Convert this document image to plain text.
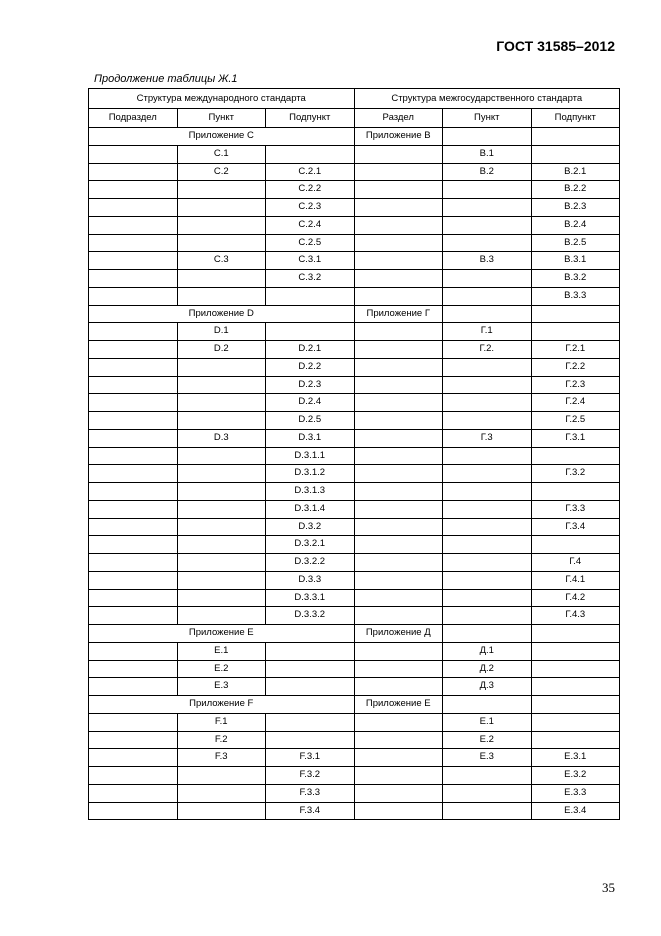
ГОСТ 31585–2012
Продолжение таблицы Ж.1
Структура международного стандарта			Структура межгосударственного стандарта		
Подраздел	Пункт	Подпункт	Раздел	Пункт	Подпункт
Приложение C			Приложение B		
	C.1			B.1	
	C.2	C.2.1		B.2	B.2.1
		C.2.2			B.2.2
		C.2.3			B.2.3
		C.2.4			B.2.4
		C.2.5			B.2.5
	C.3	C.3.1		B.3	B.3.1
		C.3.2			B.3.2
					B.3.3
Приложение D			Приложение Г		
	D.1			Г.1	
	D.2	D.2.1		Г.2.	Г.2.1
		D.2.2			Г.2.2
		D.2.3			Г.2.3
		D.2.4			Г.2.4
		D.2.5			Г.2.5
	D.3	D.3.1		Г.3	Г.3.1
		D.3.1.1			
		D.3.1.2			Г.3.2
		D.3.1.3			
		D.3.1.4			Г.3.3
		D.3.2			Г.3.4
		D.3.2.1			
		D.3.2.2			Г.4
		D.3.3			Г.4.1
		D.3.3.1			Г.4.2
		D.3.3.2			Г.4.3
Приложение E			Приложение Д		
	E.1			Д.1	
	E.2			Д.2	
	E.3			Д.3	
Приложение F			Приложение Е		
	F.1			Е.1	
	F.2			Е.2	
	F.3	F.3.1		Е.3	Е.3.1
		F.3.2			Е.3.2
		F.3.3			Е.3.3
		F.3.4			Е.3.4
35
